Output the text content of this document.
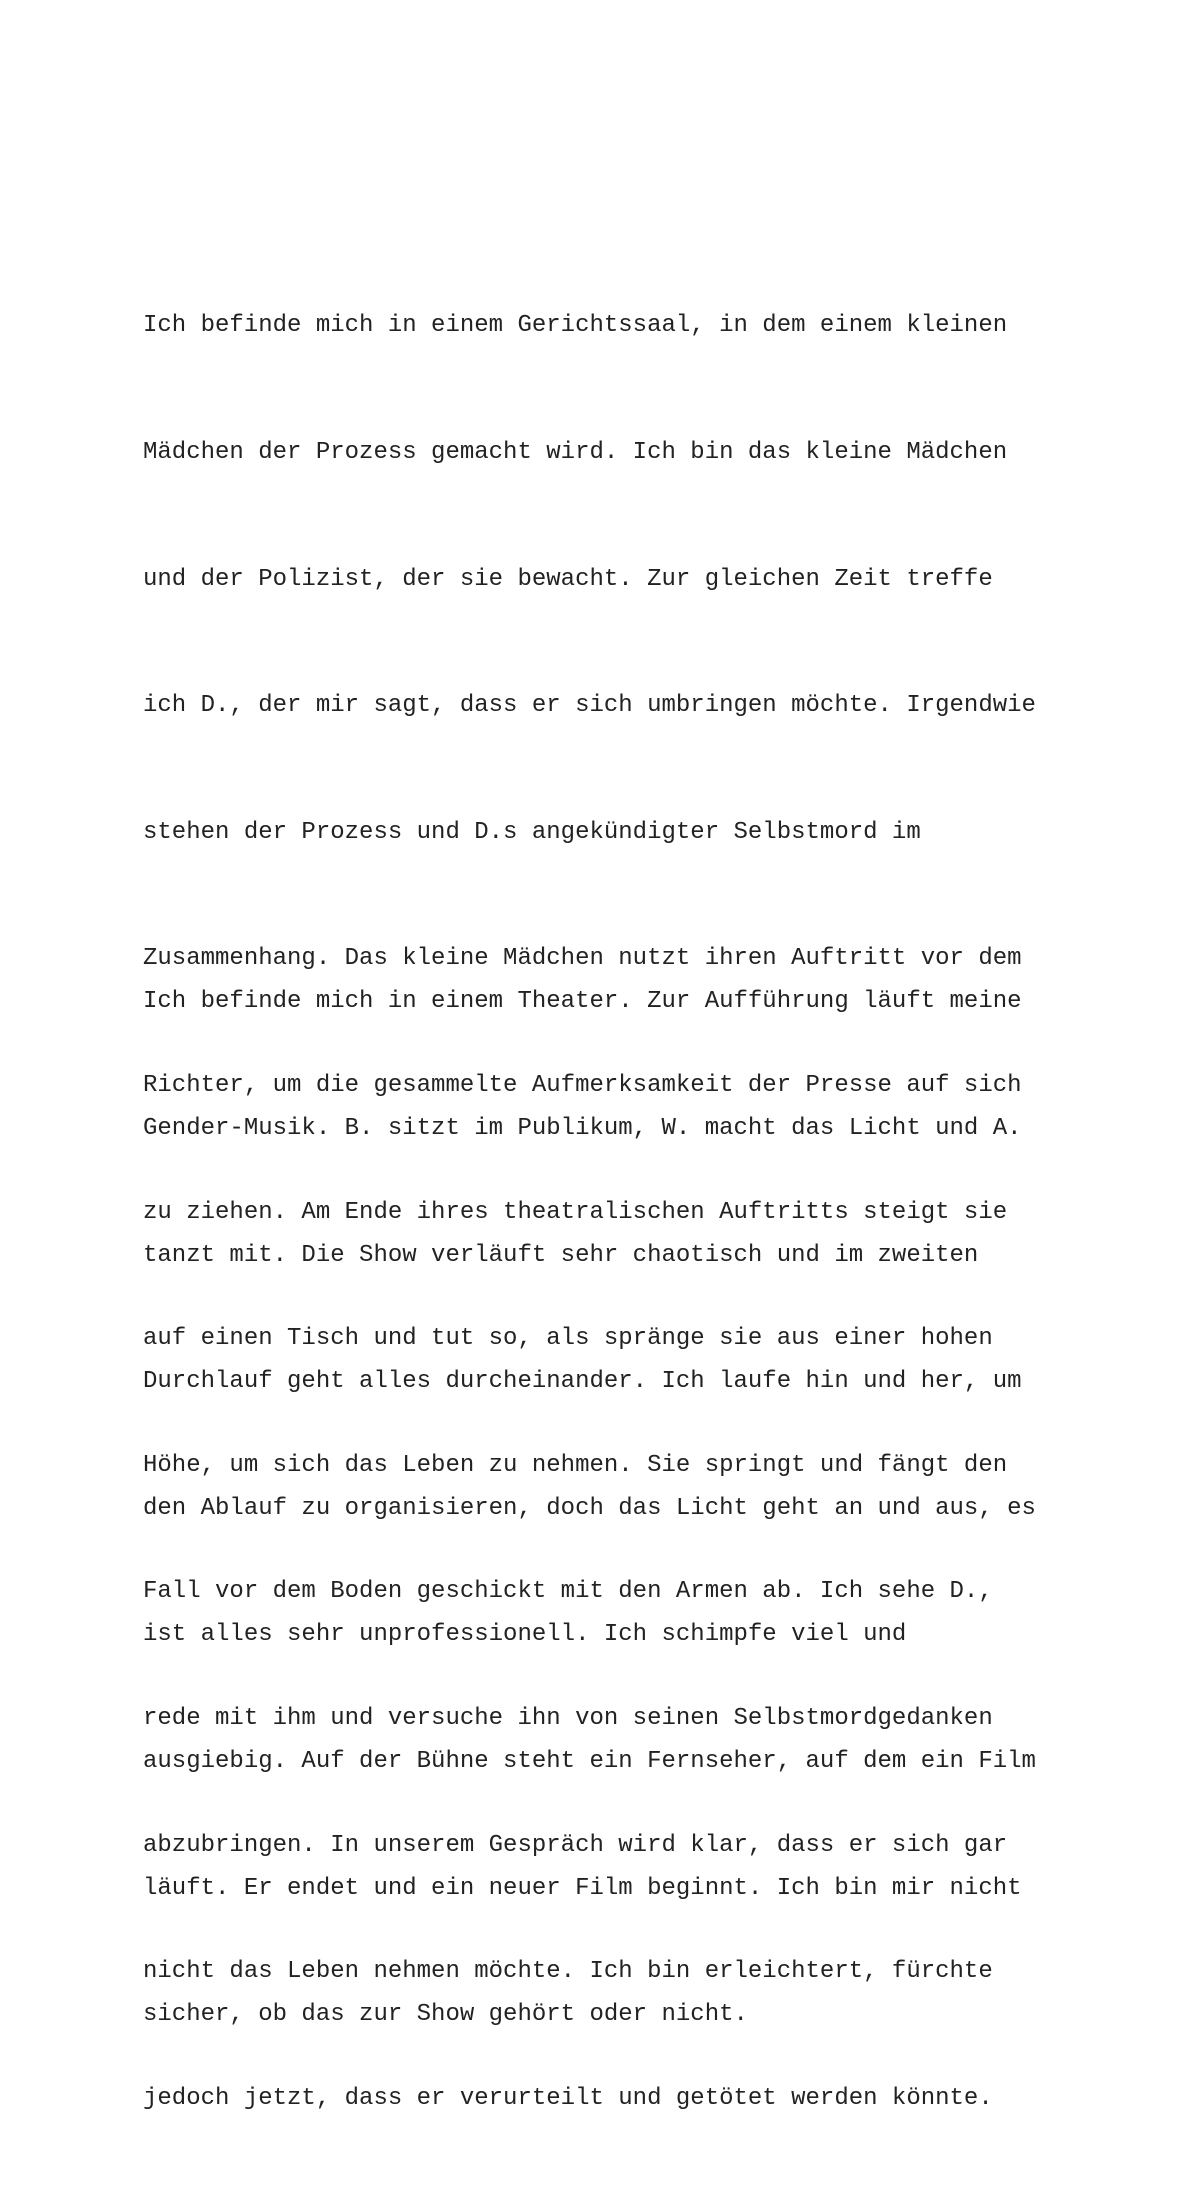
Ich befinde mich in einem Gerichtssaal, in dem einem kleinen

Mädchen der Prozess gemacht wird. Ich bin das kleine Mädchen

und der Polizist, der sie bewacht. Zur gleichen Zeit treffe

ich D., der mir sagt, dass er sich umbringen möchte. Irgendwie

stehen der Prozess und D.s angekündigter Selbstmord im

Zusammenhang. Das kleine Mädchen nutzt ihren Auftritt vor dem

Richter, um die gesammelte Aufmerksamkeit der Presse auf sich

zu ziehen. Am Ende ihres theatralischen Auftritts steigt sie

auf einen Tisch und tut so, als spränge sie aus einer hohen

Höhe, um sich das Leben zu nehmen. Sie springt und fängt den

Fall vor dem Boden geschickt mit den Armen ab. Ich sehe D.,

rede mit ihm und versuche ihn von seinen Selbstmordgedanken

abzubringen. In unserem Gespräch wird klar, dass er sich gar

nicht das Leben nehmen möchte. Ich bin erleichtert, fürchte

jedoch jetzt, dass er verurteilt und getötet werden könnte.

Ich befinde mich in einem Theater. Zur Aufführung läuft meine

Gender-Musik. B. sitzt im Publikum, W. macht das Licht und A.

tanzt mit. Die Show verläuft sehr chaotisch und im zweiten

Durchlauf geht alles durcheinander. Ich laufe hin und her, um

den Ablauf zu organisieren, doch das Licht geht an und aus, es

ist alles sehr unprofessionell. Ich schimpfe viel und

ausgiebig. Auf der Bühne steht ein Fernseher, auf dem ein Film

läuft. Er endet und ein neuer Film beginnt. Ich bin mir nicht

sicher, ob das zur Show gehört oder nicht.
